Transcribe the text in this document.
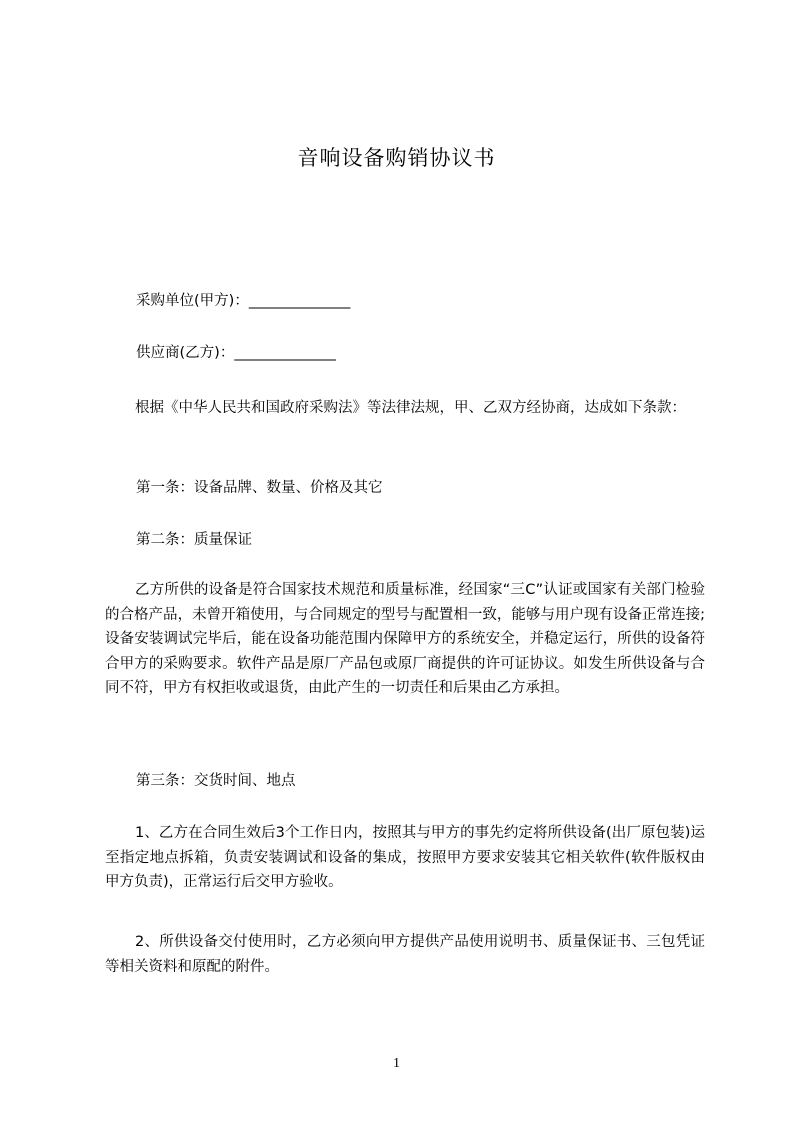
音响设备购销协议书
采购单位(甲方)：______________
供应商(乙方)：______________
根据《中华人民共和国政府采购法》等法律法规，甲、乙双方经协商，达成如下条款：
第一条：设备品牌、数量、价格及其它
第二条：质量保证
乙方所供的设备是符合国家技术规范和质量标准，经国家“三C”认证或国家有关部门检验的合格产品，未曾开箱使用，与合同规定的型号与配置相一致，能够与用户现有设备正常连接;设备安装调试完毕后，能在设备功能范围内保障甲方的系统安全，并稳定运行，所供的设备符合甲方的采购要求。软件产品是原厂产品包或原厂商提供的许可证协议。如发生所供设备与合同不符，甲方有权拒收或退货，由此产生的一切责任和后果由乙方承担。
第三条：交货时间、地点
1、乙方在合同生效后3个工作日内，按照其与甲方的事先约定将所供设备(出厂原包装)运至指定地点拆箱，负责安装调试和设备的集成，按照甲方要求安装其它相关软件(软件版权由甲方负责)，正常运行后交甲方验收。
2、所供设备交付使用时，乙方必须向甲方提供产品使用说明书、质量保证书、三包凭证等相关资料和原配的附件。
1
